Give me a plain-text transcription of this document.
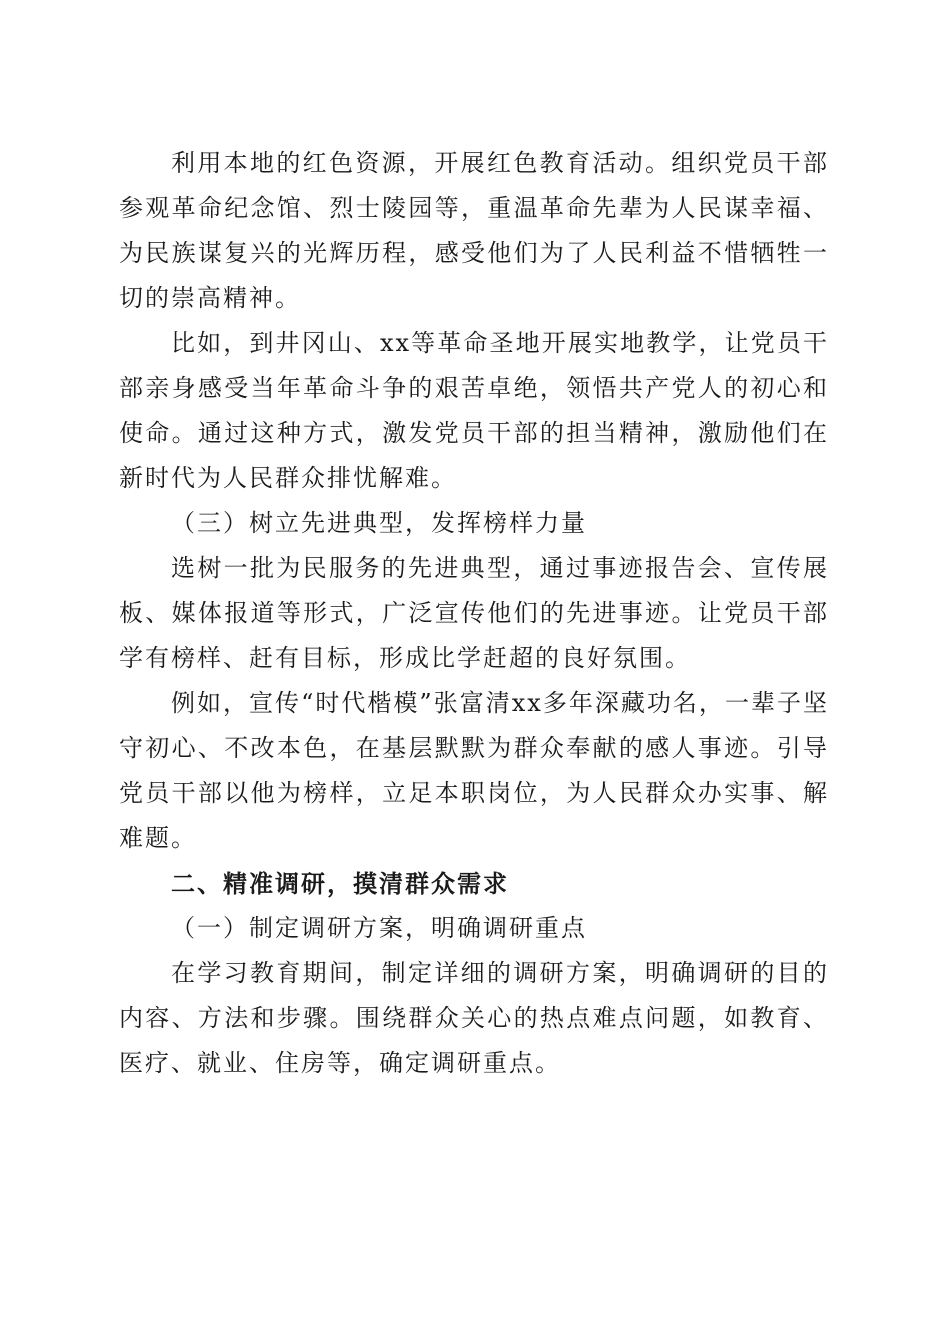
利用本地的红色资源，开展红色教育活动。组织党员干部参观革命纪念馆、烈士陵园等，重温革命先辈为人民谋幸福、为民族谋复兴的光辉历程，感受他们为了人民利益不惜牺牲一切的崇高精神。

比如，到井冈山、xx等革命圣地开展实地教学，让党员干部亲身感受当年革命斗争的艰苦卓绝，领悟共产党人的初心和使命。通过这种方式，激发党员干部的担当精神，激励他们在新时代为人民群众排忧解难。

（三）树立先进典型，发挥榜样力量

选树一批为民服务的先进典型，通过事迹报告会、宣传展板、媒体报道等形式，广泛宣传他们的先进事迹。让党员干部学有榜样、赶有目标，形成比学赶超的良好氛围。

例如，宣传“时代楷模”张富清xx多年深藏功名，一辈子坚守初心、不改本色，在基层默默为群众奉献的感人事迹。引导党员干部以他为榜样，立足本职岗位，为人民群众办实事、解难题。

二、精准调研，摸清群众需求

（一）制定调研方案，明确调研重点

在学习教育期间，制定详细的调研方案，明确调研的目的内容、方法和步骤。围绕群众关心的热点难点问题，如教育、医疗、就业、住房等，确定调研重点。
